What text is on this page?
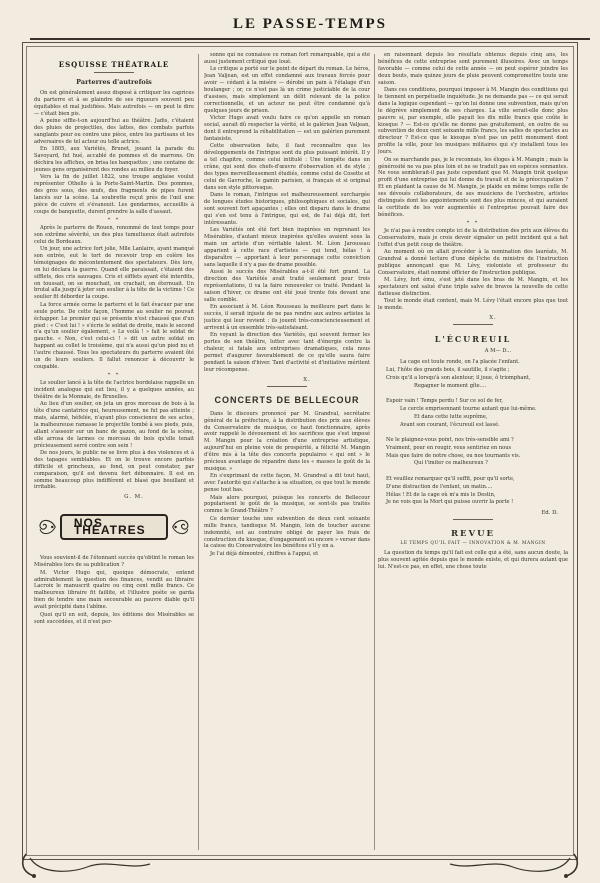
LE PASSE-TEMPS
ESQUISSE THÉATRALE
Parterres d'autrefois

On est généralement assez disposé à critiquer les caprices du parterre et à se plaindre de ses rigueurs souvent peu équitables et mal justifiées. Mais autrefois — on peut le dire — c'était bien pis.

A peine siffle-t-on aujourd'hui au théâtre. Jadis, c'étaient des pluies de projectiles, des lattes, des combats parfois sanglants pour ou contre une pièce, entre les partisans et les adversaires de tel acteur ou telle actrice.

En 1805, aux Variétés, Brunet, jouant la parade du Savoyard, fut hué, accablé de pommes et de marrons. On déchira les affiches, on brisa les banquettes ; une centaine de jeunes gens organisèrent des rondes au milieu du foyer.

Vers la fin de juillet 1822, une troupe anglaise voulut représenter Othello à la Porte-Saint-Martin. Des pommes, des gros sous, des œufs, des fragments de pipes furent lancés sur la scène. La soubrette reçut près de l'œil une pièce de cuivre et s'évanouit. Les gendarmes, accueillis à coups de banquette, durent prendre la salle d'assaut.

* *

Après le parterre de Rouen, renommé de tout temps pour son extrême sévérité, un des plus tumultueux était autrefois celui de Bordeaux.

Un jour, une actrice fort jolie, Mlle Lanlaire, ayant manqué son entrée, eut le tort de recevoir trop en colère les témoignages de mécontentement des spectateurs. Dès lors, on lui déclara la guerre. Quand elle paraissait, c'étaient des sifflets, des cris sauvages. Cris et sifflets ayant été interdits, on toussait, on se mouchait, on crachait, on éternuait. Un brutal alla jusqu'à jeter son soulier à la tête de la victime ! Ce soulier fit déborder la coupe.

La force armée cerne le parterre et le fait évacuer par une seule porte. De cette façon, l'homme au soulier ne pouvait échapper. Le premier qui se présente n'est chaussé que d'un pied : « C'est lui ! » s'écrie le soldat de droite, mais le second n'a qu'un soulier également, « Le voilà ! » fait le soldat de gauche. « Non, c'est celui-ci ! » dit un autre soldat en happant au collet le troisième, qui n'a aussi qu'un pied nu et l'autre chaussé. Tous les spectateurs du parterre avaient ôté un de leurs souliers. Il fallut renoncer à découvrir le coupable.

* *

Le soulier lancé à la tête de l'actrice bordelaise rappelle un incident analogue qui eut lieu, il y a quelques années, au théâtre de la Monnaie, de Bruxelles.

Au lieu d'un soulier, on jeta un gros morceau de bois à la tête d'une cantatrice qui, heureusement, ne fut pas atteinte ; mais, alarmé, héfelée, n'ayant plus conscience de ses actes, la malheureuse ramasse le projectile tombé à ses pieds, puis, allant s'asseoir sur un banc de gazon, au fond de la scène, elle arrosa de larmes ce morceau de bois qu'elle tenait précieusement serré contre son sein !

De nos jours, le public ne se livre plus à des violences et à des tapages semblables. Et on le trouve encore parfois difficile et grincheux, au fond, on peut constater, par comparaison, qu'il est devenu fort débonnaire. Il est en somme beaucoup plus indifférent et blasé que bouillant et irritable.

G. M.
NOS THÉATRES

Vous souvient-il de l'étonnant succès qu'obtint le roman les Misérables lors de sa publication ?

M. Victor Hugo qui, quoique démocrate, entend admirablement la question des finances, vendit au libraire Lacroix le manuscrit quatre ou cinq cent mille francs. Ce malheureux libraire fit faillite, et l'illustre poète se garda bien de tendre une main secourable au pauvre diable qu'il avait précipité dans l'abîme.

Quoi qu'il en soit, depuis, les éditions des Misérables se sont succédées, et il n'est per-

sonne qui ne connaisse ce roman fort remarquable, qui a été aussi justement critiqué que loué.

Le critique a porté sur le point de départ du roman. Le héros, Jean Valjean, est un effet condamné aux travaux forcés pour avoir — cédant à la misère — dérobé un pain à l'étalage d'un boulanger ; or, ce n'est pas là un crime justiciable de la cour d'assises, mais simplement un délit relevant de la police correctionnelle, et un acteur ne peut être condamné qu'à quelques jours de prison.

Victor Hugo avait voulu faire ce qu'on appelle un roman social, aurait dû respecter la vérité, et le galérien Jean Valjean, dont il entreprend la réhabilitation — est un galérien purement fantaisiste.

Cette observation faite, il faut reconnaître que les développements de l'intrigue sont du plus puissant intérêt. Il y a tel chapitre, comme celui intitulé : Une tempête dans un crâne, qui sont des chefs-d'œuvre d'observation et de style ; des types merveilleusement étudiés, comme celui de Cosette et celui de Gavroche, le gamin parisien, si français et si original dans son style pittoresque.

Dans le roman, l'intrigue est malheureusement surchargée de longues études historiques, philosophiques et sociales, qui sont souvent fort agaçantes ; elles ont disparu dans le drame qui s'en est tenu à l'intrigue, qui est, de l'ai déjà dit, fort intéressante.

Les Variétés ont été fort bien inspirées en reprenant les Misérables, d'autant mieux inspirées qu'elles avaient sous la main un artiste d'un véritable talent. M. Léon Jaroussau apparient à cette race d'artistes — qui tend, hélas ! à disparaître — apportant à leur personnage cette conviction sans laquelle il n'y a pas de drame possible.

Aussi le succès des Misérables a-t-il été fort grand. La direction des Variétés avait traité seulement pour trois représentations, il va la faire renouveler ce traité. Pendant la saison d'hiver, ce drame ont été joué trente fois devant une salle comble.

En associant à M. Léon Rousseau la meilleure part dans le succès, il serait injuste de ne pas rendre aux autres artistes la justice qui leur revient : ils jouent très-consciencieusement et arrivent à un ensemble très-satisfaisant.

En voyant la direction des Variétés, qui souvent fermer les portes de son théâtre, lutter avec tant d'énergie contre la chaleur, si fatale aux entreprises dramatiques, cela nous permet d'augurer favorablement de ce qu'elle saura faire pendant la saison d'hiver. Tant d'activité et d'initiative méritent leur récompense.

X.
CONCERTS DE BELLECOUR

Dans le discours prononcé par M. Grandval, secrétaire général de la préfecture, à la distribution des prix aux élèves du Conservatoire de musique, ce haut fonctionnaire, après avoir rappelé le dévouement et les sacrifices que s'est imposé M. Mangin pour la création d'une entreprise artistique, aujourd'hui en pleine voie de prospérité, a félicité M. Mangin d'être mis à la tête des concerts populaires « qui ont » le précieux avantage de répandre dans les « masses le goût de la musique. »

En s'exprimant de cette façon, M. Grandval a dit tout haut, avec l'autorité qui s'attache à sa situation, ce que tout le monde pense tout bas.

Mais alors pourquoi, puisque les concerts de Bellecour popularisent le goût de la musique, se sont-ils pas traités comme le Grand-Théâtre ?

Ce dernier touche une subvention de deux cent soixante mille francs, tandisque M. Mangin, loin de toucher aucune indemnité, est au contraire obligé de payer les frais de construction du kiosque, d'engagement ou encore » verser dans la caisse du Conservatoire les bénéfices s'il y en a.

Je l'ai déjà démontré, chiffres à l'appui, et

en raisonnant depuis les résultats obtenus depuis cinq ans, les bénéfices de cette entreprise sont purement illusoires. Avec un temps favorable — comme celui de cette année — on peut espérer joindre les deux bouts, mais quinze jours de pluie peuvent compromettre toute une saison.

Dans ces conditions, pourquoi imposer à M. Mangin des conditions qui le tiennent en perpétuelle inquiétude. Je ne demande pas — ce qui serait dans la logique cependant — qu'on lui donne une subvention, mais qu'on le dégrève simplement de ses charges. La ville serait-elle donc plus pauvre si, par exemple, elle payait les dix mille francs que coûte le kiosque ? — Est-ce qu'elle ne donne pas gratuitement, en outre de sa subvention de deux cent soixante mille francs, les salles de spectacles au directeur ? Est-ce que le kiosque n'est pas un petit monument dont profite la ville, pour les musiques militaires qui s'y installent tous les jours.

On se marchande pas, je le reconnais, les éloges à M. Mangin ; mais la générosité ne va pas plus loin et ne se traduit pas en espèces sonnantes. Ne vous semblerait-il pas juste cependant que M. Mangin tirât quelque profit d'une entreprise qui lui donne du travail et de la préoccupation ? Et en plaidant la cause de M. Mangin, je plaide en même temps celle de ses dévoués collaborateurs, de ses musiciens de l'orchestre, artistes distingués dont les appointements sont des plus minces, et qui auraient la certitude de les voir augmentés si l'entreprise pouvait faire des bénéfices.

* *

Je n'ai pas à rendre compte ici de la distribution des prix aux élèves du Conservatoire, mais je crois devoir signaler un petit incident qui a fait l'effet d'un petit coup de théâtre.

Au moment où on allait procéder à la nomination des lauréats, M. Grandval a donné lecture d'une dépêche du ministre de l'instruction publique annonçant que M. Lévy, violoniste et professeur du Conservatoire, était nommé officier de l'instruction publique.

M. Lévy, fort ému, s'est jeté dans les bras de M. Mangin, et les spectateurs ont salué d'une triple salve de bravos la nouvelle de cette flatteuse distinction.

Tout le monde était content, mais M. Lévy l'était encore plus que tout le monde.

X.
L'ÉCUREUIL
A M— D...
La cage est toute ronde, on l'a placée l'enfant.
Lui, l'hôte des grands bois, il sautille, il s'agite ;
Crois qu'il a lorsqu'à son alentour, il joue, ô triomphant,
Regagner le moment gîte....

Espoir vain ! Temps perdu ! Sur ce sol de fer,
Le cercle emprisonnant tourne autant que lui-même.
Et dans cette lutte suprême,
Avant son courant, l'écureuil est lassé.

Ne le plaignez-vous point, nos très-sensible ami ?
Vraiment, pour en rougir, vous sentiriez en nous
Mais que faire de notre chose, ou nos tournants vis.
Qui t'imiter ce malheureux ?

Et veuillez remarquer qu'il suffit, pour qu'il sorte,
D'une distraction de l'enfant, un matin....
Hélas ! Et de la cage où m'a mis le Destin,
Je ne vois que la Mort qui puisse ouvrir la porte !
Ed. D.
REVUE
LE TEMPS QU'IL FAIT — INNOVATION & M. MANGIN

La question du temps qu'il fait est celle qui a été, sans aucun doute, la plus souvent agitée depuis que le monde existe, et qui durera autant que lui. N'est-ce pas, en effet, une chose toute
